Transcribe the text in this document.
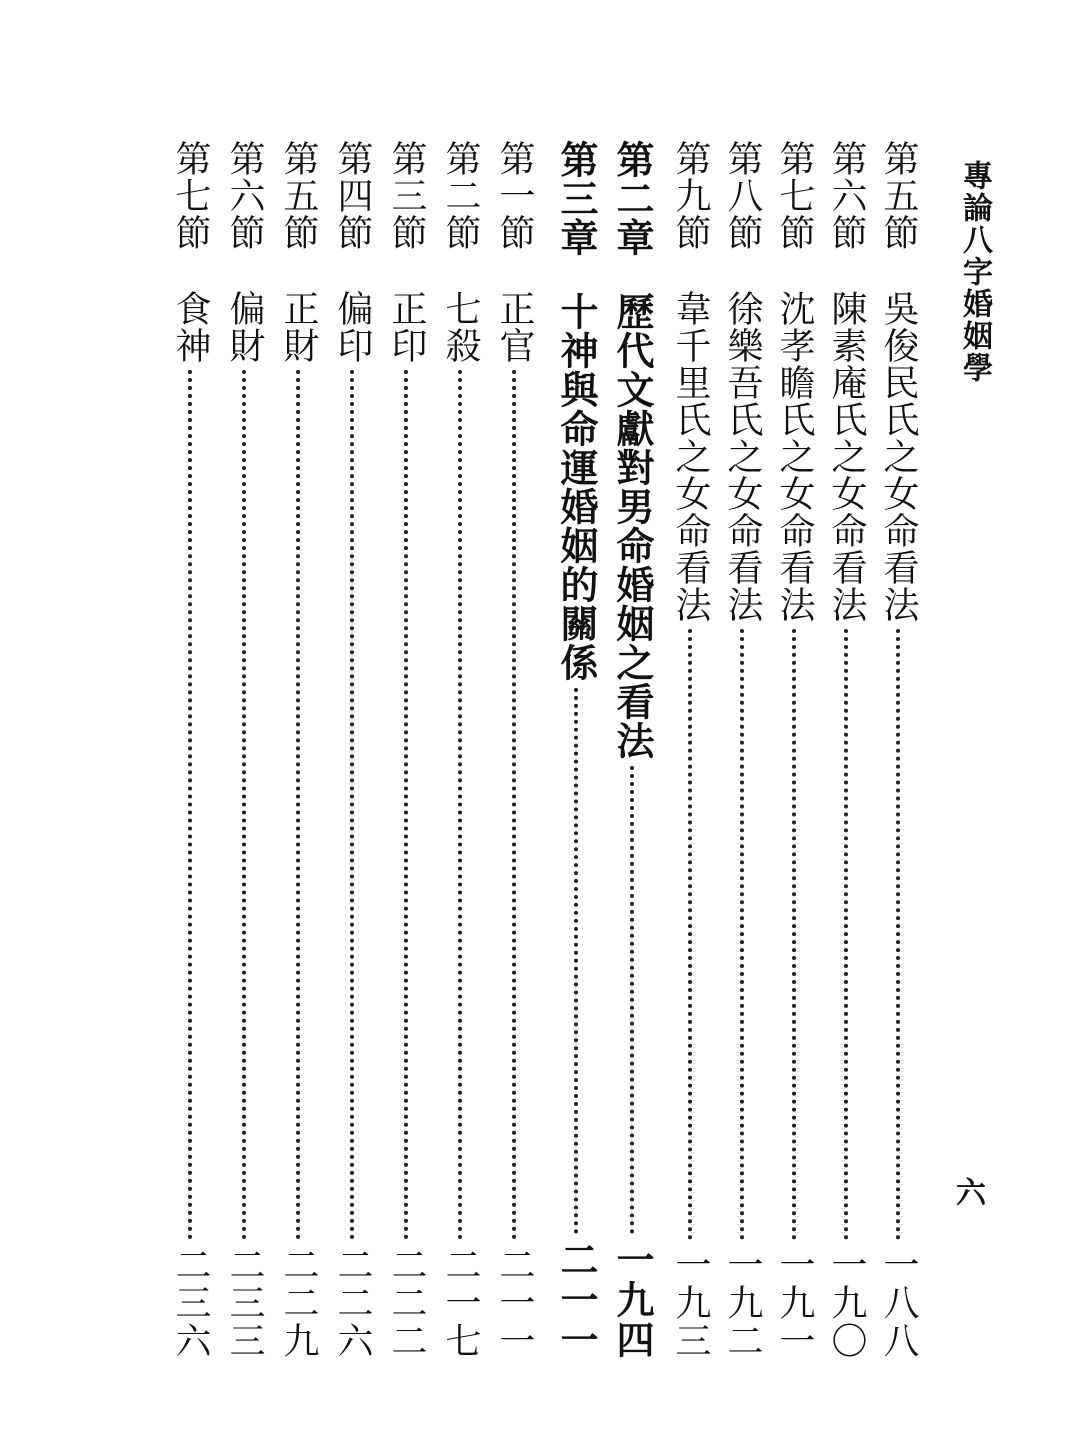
專論八字婚姻學
六
第五節
吳俊民氏之女命看法
一八八
第六節
陳素庵氏之女命看法
一九〇
第七節
沈孝瞻氏之女命看法
一九一
第八節
徐樂吾氏之女命看法
一九二
第九節
韋千里氏之女命看法
一九三
第二章
歷代文獻對男命婚姻之看法
一九四
第三章
十神與命運婚姻的關係
二一一
第一節
正官
二一一
第二節
七殺
二一七
第三節
正印
二二二
第四節
偏印
二二六
第五節
正財
二二九
第六節
偏財
二三三
第七節
食神
二三六
